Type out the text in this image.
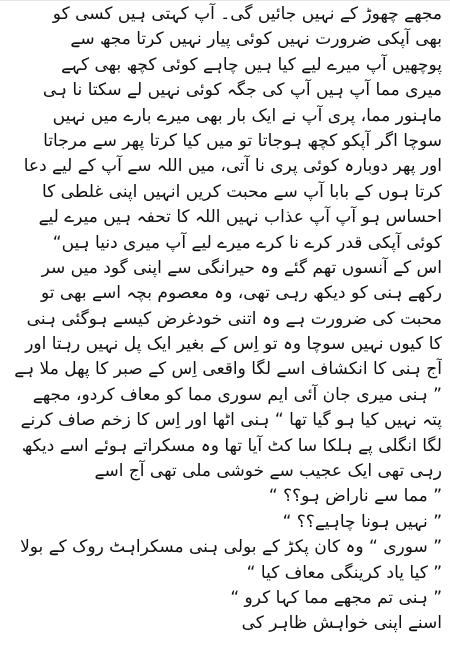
مجھے چھوڑ کے نہیں جائیں گی۔ آپ کہتی ہیں کسی کو
بھی آپکی ضرورت نہیں کوئی پیار نہیں کرتا مجھ سے
پوچھیں آپ میرے لیے کیا ہیں چاہے کوئی کچھ بھی کہے
میری مما آپ ہیں آپ کی جگہ کوئی نہیں لے سکتا نا ہی
ماہنور مما، پری آپ نے ایک بار بھی میرے بارے میں نہیں
سوچا اگر آپکو کچھ ہوجاتا تو میں کیا کرتا پھر سے مرجاتا
اور پھر دوبارہ کوئی پری نا آتی، میں اللہ سے آپ کے لیے دعا
کرتا ہوں کے بابا آپ سے محبت کریں انہیں اپنی غلطی کا
احساس ہو آپ آپ عذاب نہیں اللہ کا تحفہ ہیں میرے لیے
کوئی آپکی قدر کرے نا کرے میرے لیے آپ میری دنیا ہیں“
اس کے آنسوں تھم گئے وہ حیرانگی سے اپنی گود میں سر
رکھے ہنی کو دیکھ رہی تھی، وہ معصوم بچہ اسے بھی تو
محبت کی ضرورت ہے وہ اتنی خودغرض کیسے ہوگئی ہنی
کا کیوں نہیں سوچا وہ تو اِس کے بغیر ایک پل نہیں رہتا اور
آج ہنی کا انکشاف اسے لگا واقعی اِس کے صبر کا پھل ملا ہے
” ہنی میری جان آئی ایم سوری مما کو معاف کردو، مجھے
پتہ نہیں کیا ہو گیا تھا “ ہنی اٹھا اور اِس کا زخم صاف کرنے
لگا انگلی پے ہلکا سا کٹ آیا تھا وہ مسکراتے ہوئے اسے دیکھ
رہی تھی ایک عجیب سے خوشی ملی تھی آج اسے
” مما سے ناراض ہو؟؟ “
” نہیں ہونا چاہیے؟؟ “
” سوری “ وہ کان پکڑ کے بولی ہنی مسکراہٹ روک کے بولا
” کیا یاد کرینگی معاف کیا “
” ہنی تم مجھے مما کہا کرو “
اسنے اپنی خواہش ظاہر کی
